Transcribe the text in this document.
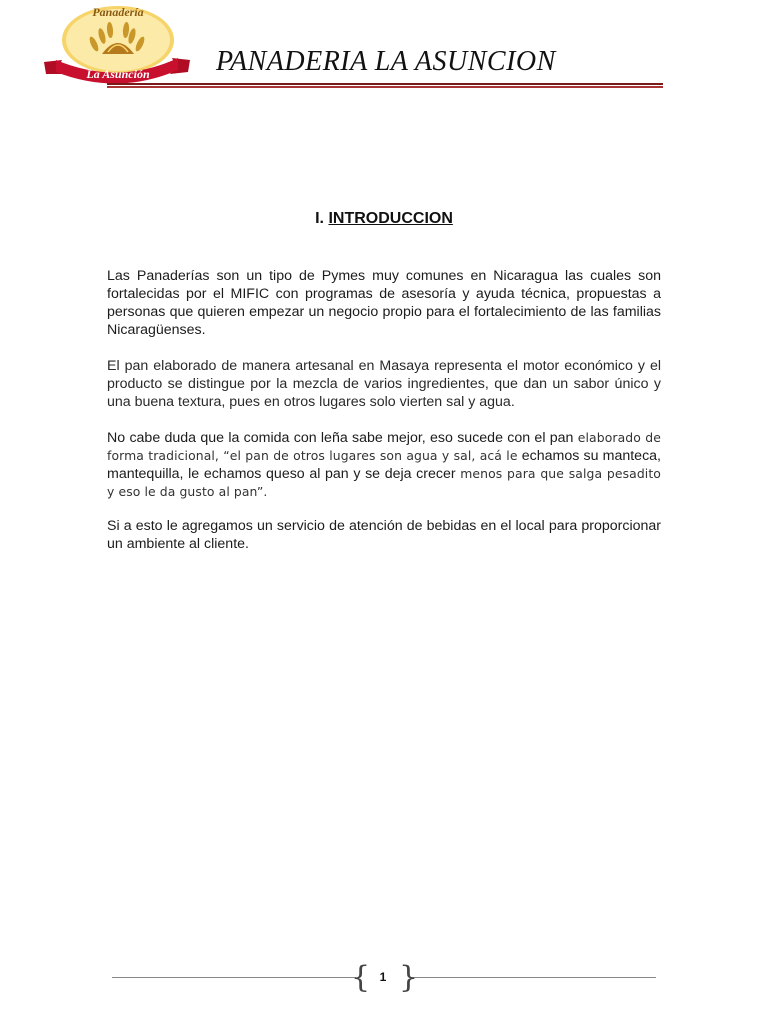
Panadería
La Asunción PANADERIA LA ASUNCION
I. INTRODUCCION
Las Panaderías son un tipo de Pymes muy comunes en Nicaragua las cuales son fortalecidas por el MIFIC con programas de asesoría y ayuda técnica, propuestas a personas que quieren empezar un negocio propio para el fortalecimiento de las familias Nicaragüenses.
El pan elaborado de manera artesanal en Masaya representa el motor económico y el producto se distingue por la mezcla de varios ingredientes, que dan un sabor único y una buena textura, pues en otros lugares solo vierten sal y agua.
No cabe duda que la comida con leña sabe mejor, eso sucede con el pan elaborado de forma tradicional, “el pan de otros lugares son agua y sal, acá le echamos su manteca, mantequilla, le echamos queso al pan y se deja crecer menos para que salga pesadito y eso le da gusto al pan”.
Si a esto le agregamos un servicio de atención de bebidas en el local para proporcionar un ambiente al cliente.
{ }
1
